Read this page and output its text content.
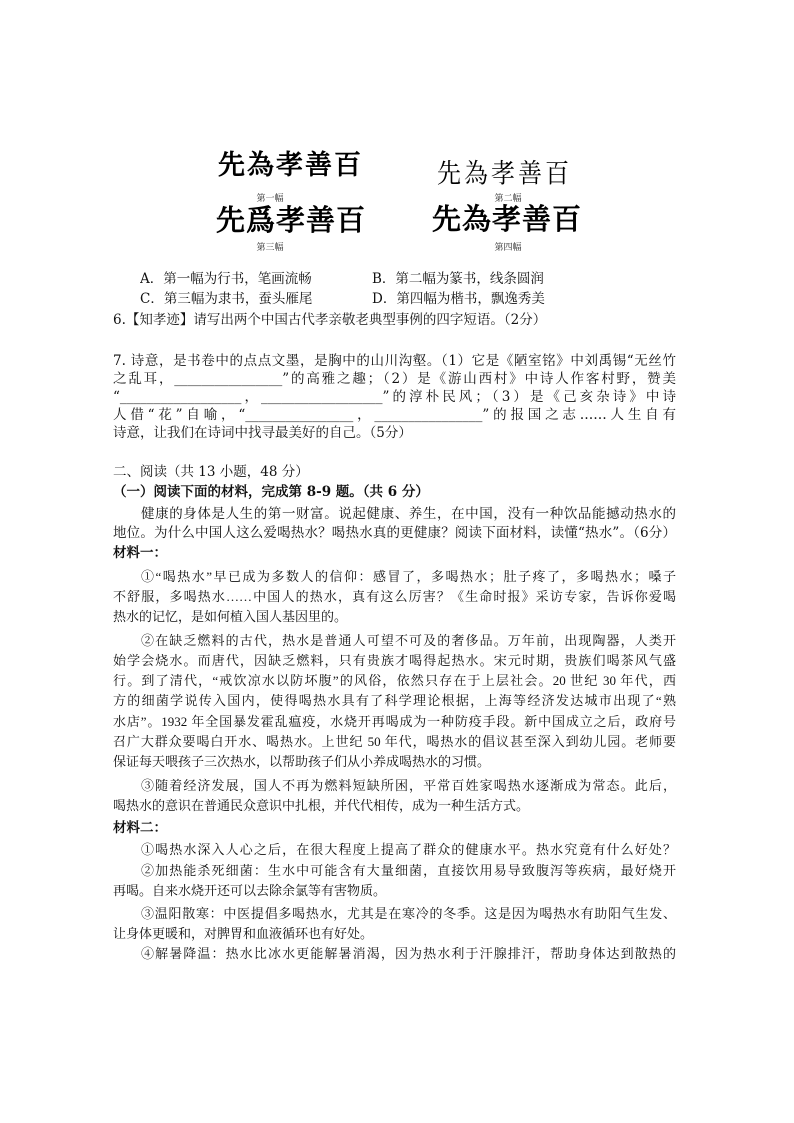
先為孝善百
第一幅
先為孝善百
第二幅
先爲孝善百
第三幅
先為孝善百
第四幅
A．第一幅为行书，笔画流畅	B．第二幅为篆书，线条圆润
C．第三幅为隶书，蚕头雁尾	D．第四幅为楷书，飘逸秀美
6.【知孝迹】请写出两个中国古代孝亲敬老典型事例的四字短语。（2分）
7. 诗意，是书卷中的点点文墨，是胸中的山川沟壑。（1）它是《陋室铭》中刘禹锡“无丝竹
之乱耳，________________”的高雅之趣；（2）是《游山西村》中诗人作客村野，赞美
“__________________，__________________”的淳朴民风；（3）是《己亥杂诗》中诗
人借“花”自喻，“________________，________________”的报国之志……人生自有
诗意，让我们在诗词中找寻最美好的自己。（5分）
二、阅读（共 13 小题，48 分）
（一）阅读下面的材料，完成第 8-9 题。（共 6 分）
健康的身体是人生的第一财富。说起健康、养生，在中国，没有一种饮品能撼动热水的
地位。为什么中国人这么爱喝热水？喝热水真的更健康？阅读下面材料，读懂“热水”。（6分）
材料一：
①“喝热水”早已成为多数人的信仰：感冒了，多喝热水；肚子疼了，多喝热水；嗓子
不舒服，多喝热水……中国人的热水，真有这么厉害？《生命时报》采访专家，告诉你爱喝
热水的记忆，是如何植入国人基因里的。
②在缺乏燃料的古代，热水是普通人可望不可及的奢侈品。万年前，出现陶器，人类开
始学会烧水。而唐代，因缺乏燃料，只有贵族才喝得起热水。宋元时期，贵族们喝茶风气盛
行。到了清代，“戒饮凉水以防坏腹”的风俗，依然只存在于上层社会。20 世纪 30 年代，西
方的细菌学说传入国内，使得喝热水具有了科学理论根据，上海等经济发达城市出现了“熟
水店”。1932 年全国暴发霍乱瘟疫，水烧开再喝成为一种防疫手段。新中国成立之后，政府号
召广大群众要喝白开水、喝热水。上世纪 50 年代，喝热水的倡议甚至深入到幼儿园。老师要
保证每天喂孩子三次热水，以帮助孩子们从小养成喝热水的习惯。
③随着经济发展，国人不再为燃料短缺所困，平常百姓家喝热水逐渐成为常态。此后，
喝热水的意识在普通民众意识中扎根，并代代相传，成为一种生活方式。
材料二：
①喝热水深入人心之后，在很大程度上提高了群众的健康水平。热水究竟有什么好处？
②加热能杀死细菌：生水中可能含有大量细菌，直接饮用易导致腹泻等疾病，最好烧开
再喝。自来水烧开还可以去除余氯等有害物质。
③温阳散寒：中医提倡多喝热水，尤其是在寒冷的冬季。这是因为喝热水有助阳气生发、
让身体更暖和，对脾胃和血液循环也有好处。
④解暑降温：热水比冰水更能解暑消渴，因为热水利于汗腺排汗，帮助身体达到散热的
